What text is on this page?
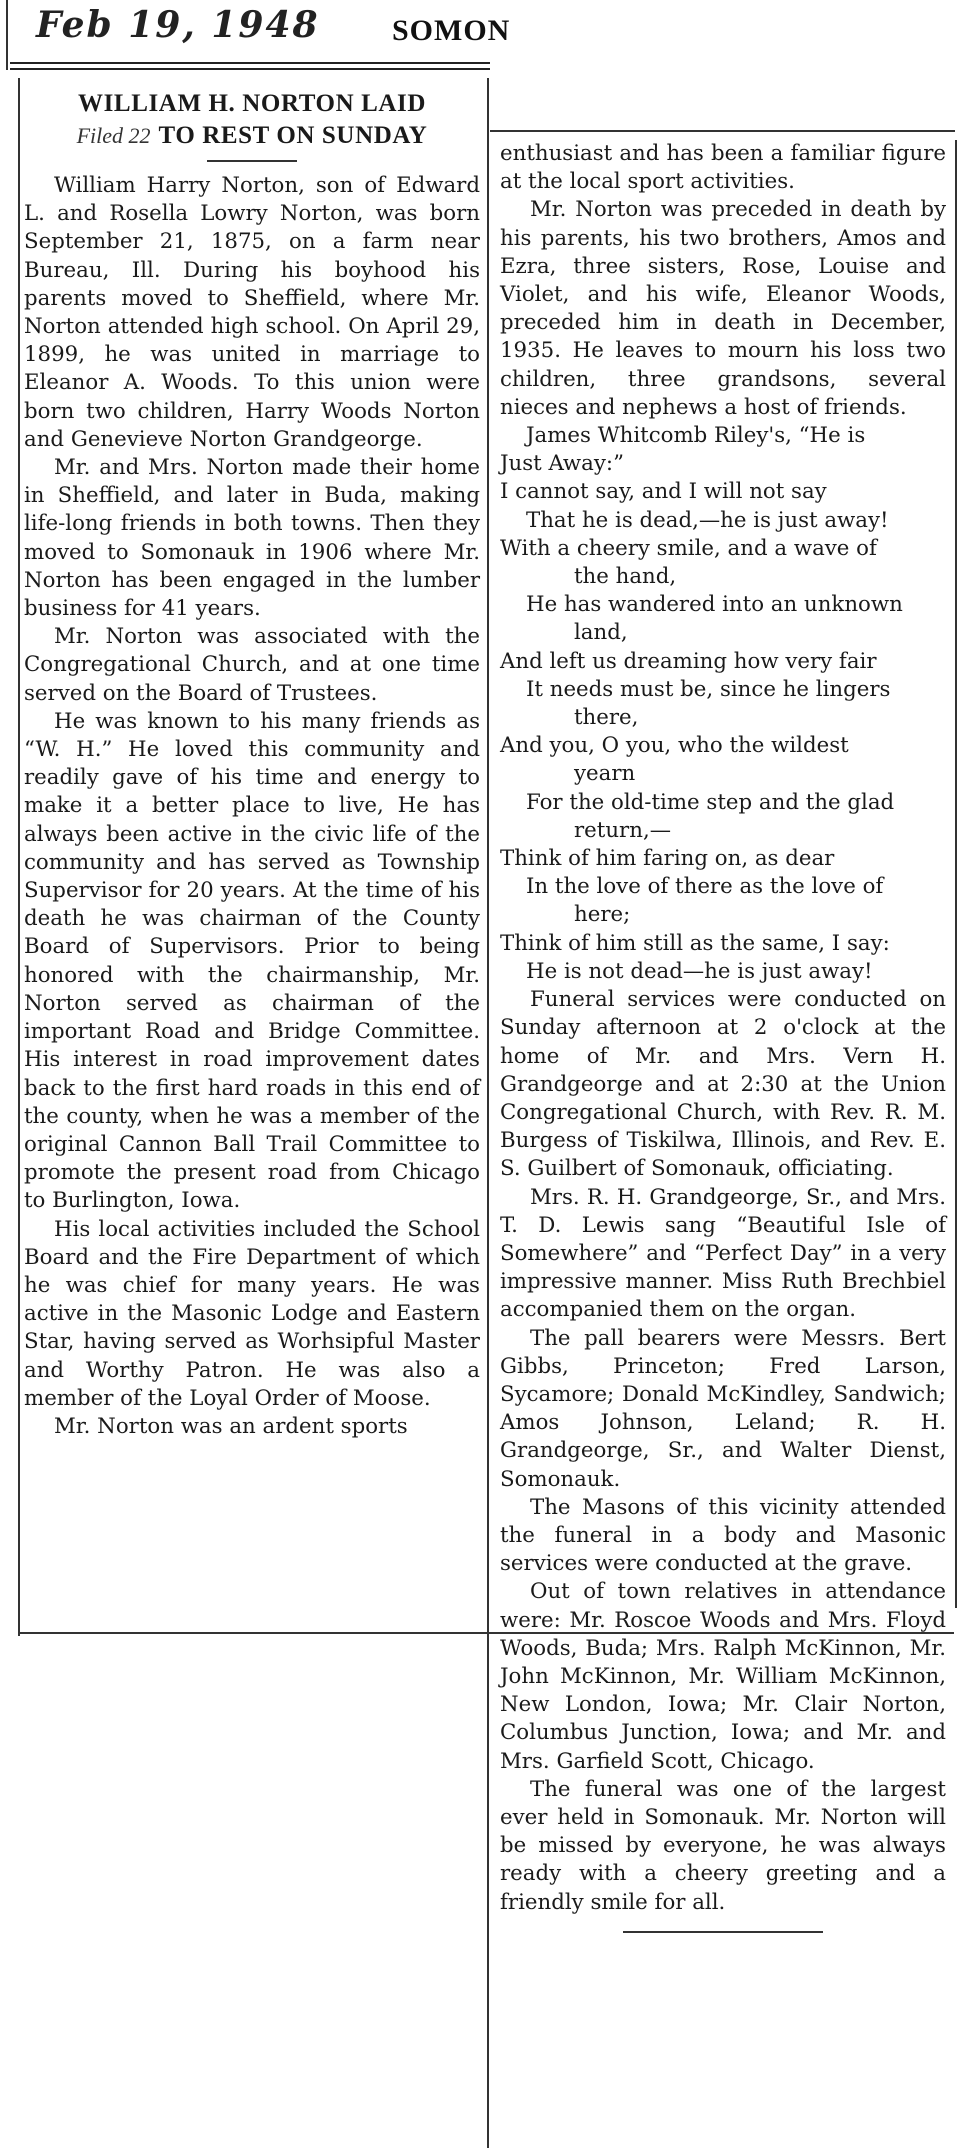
Feb 19, 1948 SOMON

WILLIAM H. NORTON LAID
Filed 22 TO REST ON SUNDAY

William Harry Norton, son of Edward L. and Rosella Lowry Norton, was born September 21, 1875, on a farm near Bureau, Ill. During his boyhood his parents moved to Sheffield, where Mr. Norton attended high school. On April 29, 1899, he was united in marriage to Eleanor A. Woods. To this union were born two children, Harry Woods Norton and Genevieve Norton Grandgeorge.

Mr. and Mrs. Norton made their home in Sheffield, and later in Buda, making life-long friends in both towns. Then they moved to Somonauk in 1906 where Mr. Norton has been engaged in the lumber business for 41 years.

Mr. Norton was associated with the Congregational Church, and at one time served on the Board of Trustees.

He was known to his many friends as “W. H.” He loved this community and readily gave of his time and energy to make it a better place to live, He has always been active in the civic life of the community and has served as Township Supervisor for 20 years. At the time of his death he was chairman of the County Board of Supervisors. Prior to being honored with the chairmanship, Mr. Norton served as chairman of the important Road and Bridge Committee. His interest in road improvement dates back to the first hard roads in this end of the county, when he was a member of the original Cannon Ball Trail Committee to promote the present road from Chicago to Burlington, Iowa.

His local activities included the School Board and the Fire Department of which he was chief for many years. He was active in the Masonic Lodge and Eastern Star, having served as Worhsipful Master and Worthy Patron. He was also a member of the Loyal Order of Moose.

Mr. Norton was an ardent sports

enthusiast and has been a familiar figure at the local sport activities.

Mr. Norton was preceded in death by his parents, his two brothers, Amos and Ezra, three sisters, Rose, Louise and Violet, and his wife, Eleanor Woods, preceded him in death in December, 1935. He leaves to mourn his loss two children, three grandsons, several nieces and nephews a host of friends.

James Whitcomb Riley's, “He is

Just Away:”

I cannot say, and I will not say

That he is dead,—he is just away!

With a cheery smile, and a wave of

the hand,

He has wandered into an unknown

land,

And left us dreaming how very fair

It needs must be, since he lingers

there,

And you, O you, who the wildest

yearn

For the old-time step and the glad

return,—

Think of him faring on, as dear

In the love of there as the love of

here;

Think of him still as the same, I say:

He is not dead—he is just away!

Funeral services were conducted on Sunday afternoon at 2 o'clock at the home of Mr. and Mrs. Vern H. Grandgeorge and at 2:30 at the Union Congregational Church, with Rev. R. M. Burgess of Tiskilwa, Illinois, and Rev. E. S. Guilbert of Somonauk, officiating.

Mrs. R. H. Grandgeorge, Sr., and Mrs. T. D. Lewis sang “Beautiful Isle of Somewhere” and “Perfect Day” in a very impressive manner. Miss Ruth Brechbiel accompanied them on the organ.

The pall bearers were Messrs. Bert Gibbs, Princeton; Fred Larson, Sycamore; Donald McKindley, Sandwich; Amos Johnson, Leland; R. H. Grandgeorge, Sr., and Walter Dienst, Somonauk.

The Masons of this vicinity attended the funeral in a body and Masonic services were conducted at the grave.

Out of town relatives in attendance were: Mr. Roscoe Woods and Mrs. Floyd Woods, Buda; Mrs. Ralph McKinnon, Mr. John McKinnon, Mr. William McKinnon, New London, Iowa; Mr. Clair Norton, Columbus Junction, Iowa; and Mr. and Mrs. Garfield Scott, Chicago.

The funeral was one of the largest ever held in Somonauk. Mr. Norton will be missed by everyone, he was always ready with a cheery greeting and a friendly smile for all.
